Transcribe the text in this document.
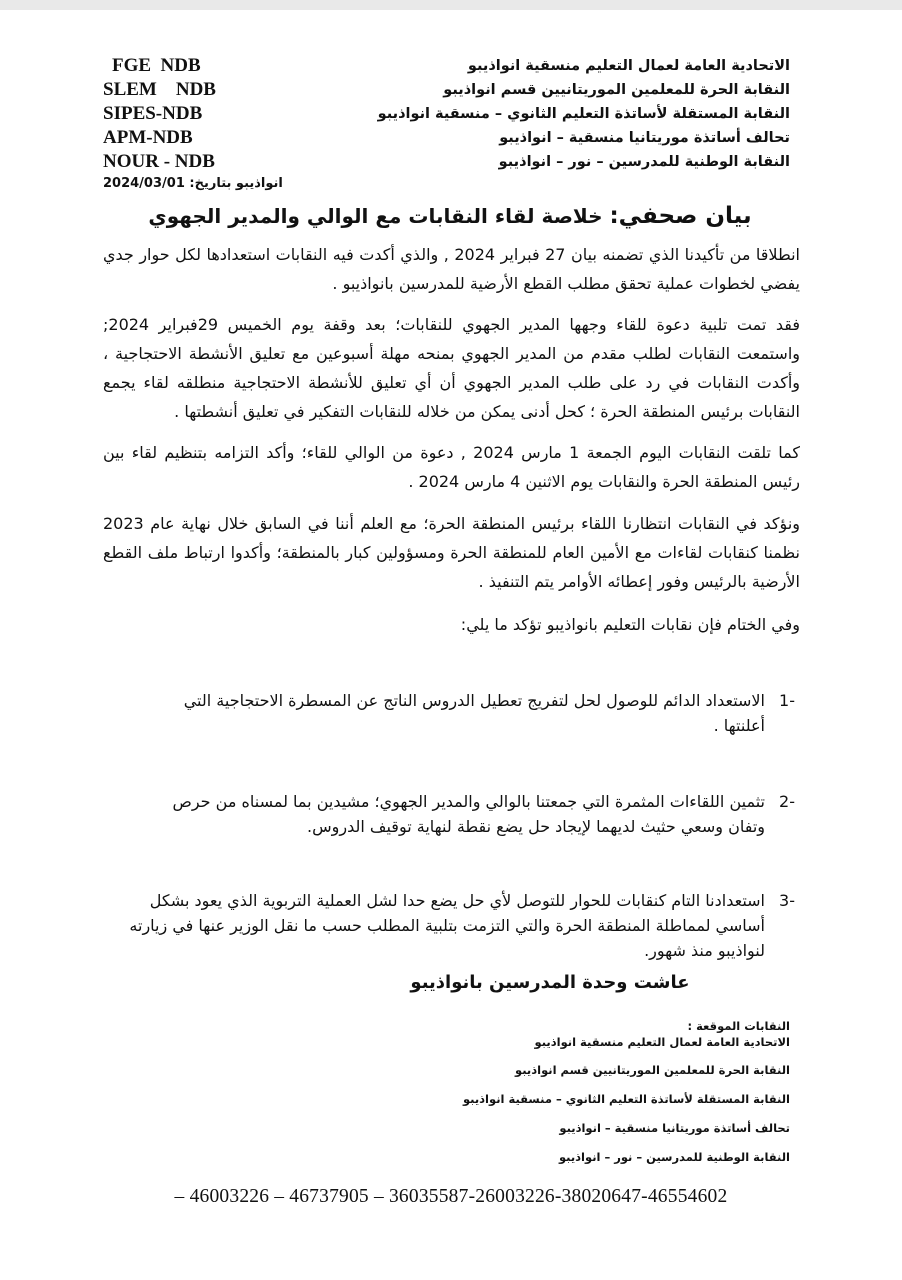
الاتحادية العامة لعمال التعليم منسقية انواذيبو
النقابة الحرة للمعلمين الموريتانيين قسم انواذيبو
النقابة المستقلة لأساتذة التعليم الثانوي – منسقية انواذيبو
تحالف أساتذة موريتانيا منسقية – انواذيبو
النقابة الوطنية للمدرسين – نور – انواذيبو
FGE  NDB
SLEM    NDB
SIPES-NDB
APM-NDB
NOUR - NDB
انواذيبو بتاريخ: 2024/03/01
بيان صحفي: خلاصة لقاء النقابات مع الوالي والمدير الجهوي
انطلاقا من تأكيدنا الذي تضمنه بيان 27 فبراير 2024 , والذي أكدت فيه النقابات استعدادها لكل حوار جدي يفضي لخطوات عملية تحقق مطلب القطع الأرضية للمدرسين بانواذيبو .
فقد تمت تلبية دعوة للقاء وجهها المدير الجهوي للنقابات؛ بعد وقفة يوم الخميس 29فبراير 2024; واستمعت النقابات لطلب مقدم من المدير الجهوي بمنحه مهلة أسبوعين مع تعليق الأنشطة الاحتجاجية ، وأكدت النقابات في رد على طلب المدير الجهوي أن أي تعليق للأنشطة الاحتجاجية منطلقه لقاء يجمع النقابات برئيس المنطقة الحرة ؛ كحل أدنى يمكن من خلاله للنقابات التفكير في تعليق أنشطتها .
كما تلقت النقابات اليوم الجمعة 1 مارس 2024 , دعوة من الوالي للقاء؛ وأكد التزامه بتنظيم لقاء بين رئيس المنطقة الحرة والنقابات يوم الاثنين 4 مارس 2024 .
ونؤكد في النقابات انتظارنا اللقاء برئيس المنطقة الحرة؛ مع العلم أننا في السابق خلال نهاية عام 2023 نظمنا كنقابات لقاءات مع الأمين العام للمنطقة الحرة ومسؤولين كبار بالمنطقة؛ وأكدوا ارتباط ملف القطع الأرضية بالرئيس وفور إعطائه الأوامر يتم التنفيذ .
وفي الختام فإن نقابات التعليم بانواذيبو تؤكد ما يلي:
-1
الاستعداد الدائم للوصول لحل لتفريج تعطيل الدروس الناتج عن المسطرة الاحتجاجية التي أعلنتها .
-2
تثمين اللقاءات المثمرة التي جمعتنا بالوالي والمدير الجهوي؛ مشيدين بما لمسناه من حرص وتفان وسعي حثيث لديهما لإيجاد حل يضع نقطة لنهاية توقيف الدروس.
-3
استعدادنا التام كنقابات للحوار للتوصل لأي حل يضع حدا لشل العملية التربوية الذي يعود بشكل أساسي لمماطلة المنطقة الحرة والتي التزمت بتلبية المطلب حسب ما نقل الوزير عنها في زيارته لنواذيبو منذ شهور.
عاشت وحدة المدرسين بانواذيبو
النقابات الموقعة :
الاتحادية العامة لعمال التعليم منسقية انواذيبو
النقابة الحرة للمعلمين الموريتانيين قسم انواذيبو
النقابة المستقلة لأساتذة التعليم الثانوي – منسقية انواذيبو
تحالف أساتذة موريتانيا منسقية – انواذيبو
النقابة الوطنية للمدرسين – نور – انواذيبو
– 46003226 – 46737905 – 36035587-26003226-38020647-46554602
